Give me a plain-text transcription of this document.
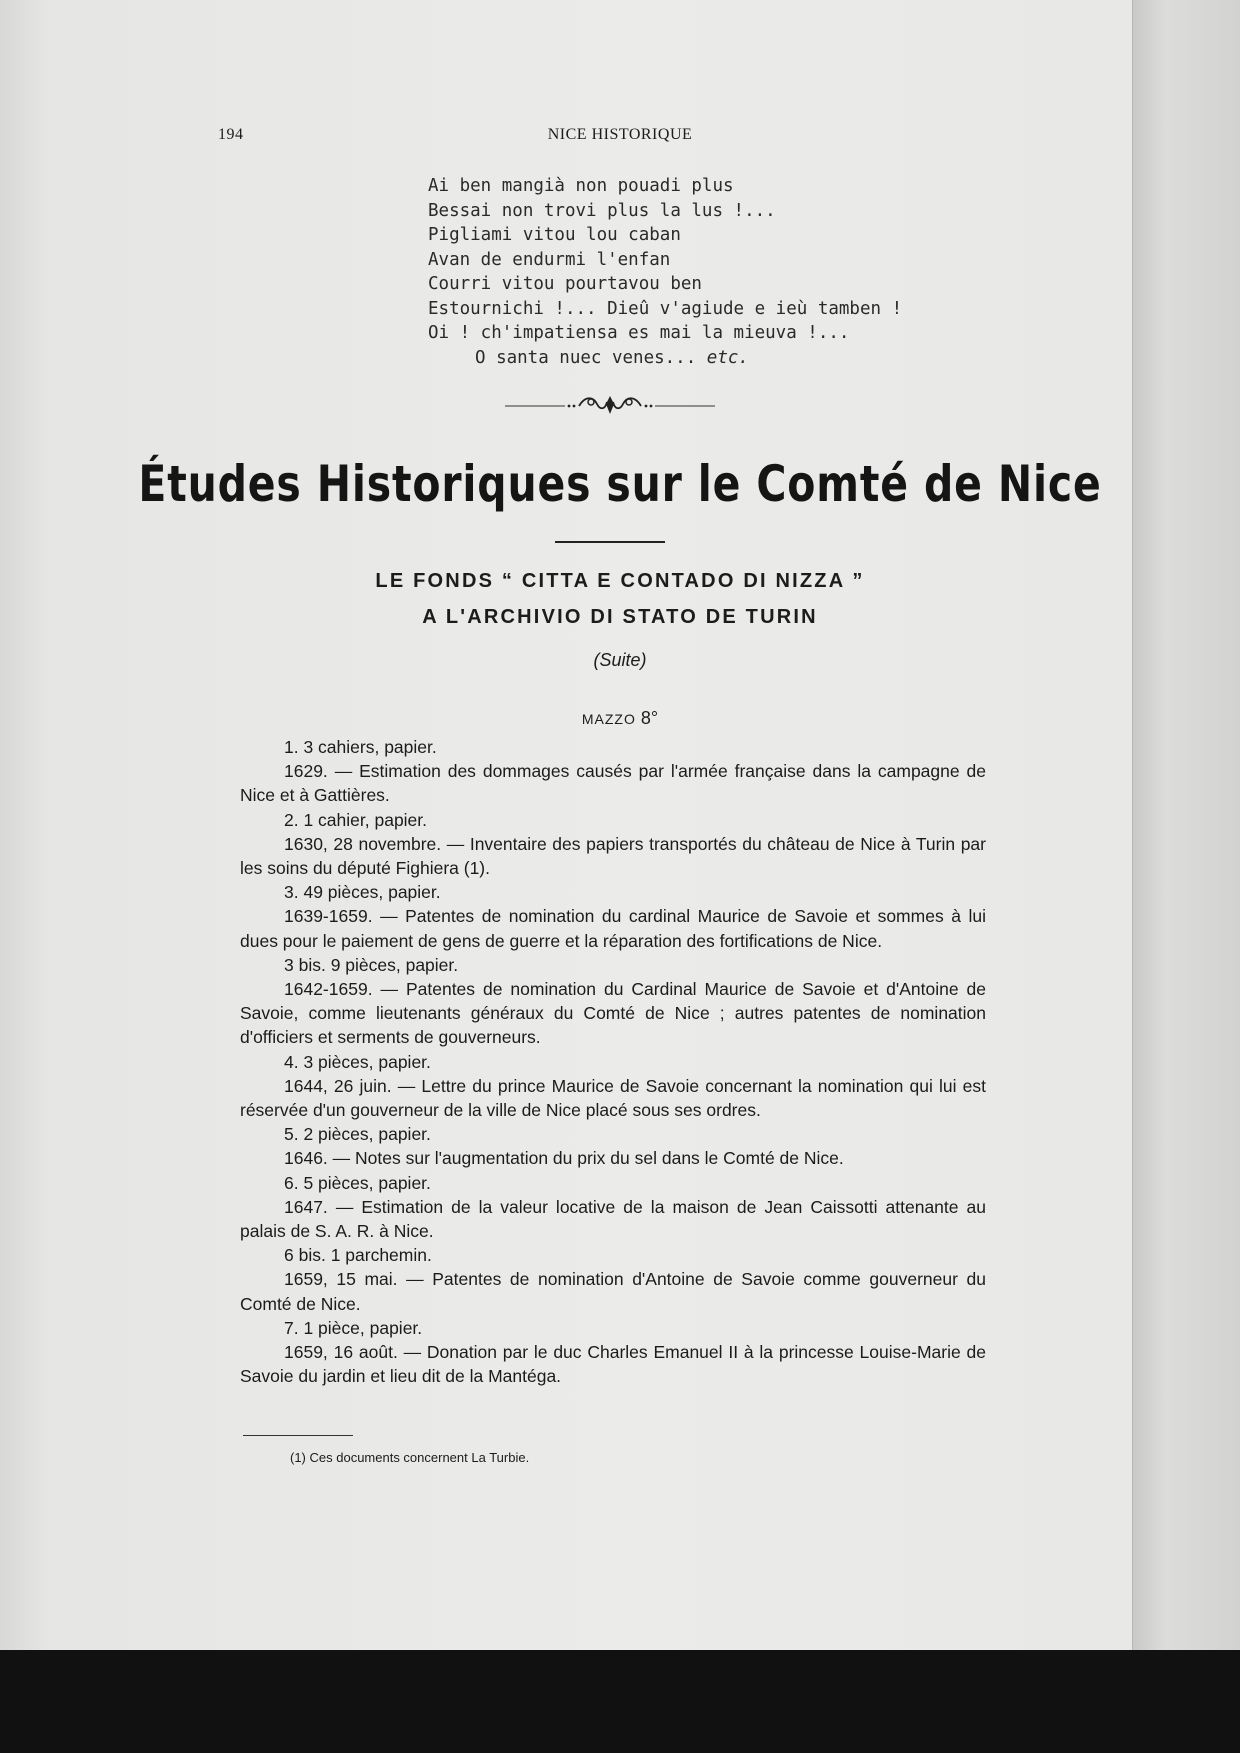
194	NICE HISTORIQUE
Ai ben mangià non pouadi plus
Bessai non trovi plus la lus !...
Pigliami vitou lou caban
Avan de endurmi l'enfan
Courri vitou pourtavou ben
Estournichi !... Dieû v'agiude e ieù tamben !
Oi ! ch'impatiensa es mai la mieuva !...
O santa nuec venes... etc.
Études Historiques sur le Comté de Nice
LE FONDS “ CITTA E CONTADO DI NIZZA ”
A L'ARCHIVIO DI STATO DE TURIN
(Suite)
MAZZO 8°

1. 3 cahiers, papier.

1629. — Estimation des dommages causés par l'armée française dans la campagne de Nice et à Gattières.

2. 1 cahier, papier.

1630, 28 novembre. — Inventaire des papiers transportés du château de Nice à Turin par les soins du député Fighiera (1).

3. 49 pièces, papier.

1639-1659. — Patentes de nomination du cardinal Maurice de Savoie et sommes à lui dues pour le paiement de gens de guerre et la réparation des fortifications de Nice.

3 bis. 9 pièces, papier.

1642-1659. — Patentes de nomination du Cardinal Maurice de Savoie et d'Antoine de Savoie, comme lieutenants généraux du Comté de Nice ; autres patentes de nomination d'officiers et serments de gouverneurs.

4. 3 pièces, papier.

1644, 26 juin. — Lettre du prince Maurice de Savoie concernant la nomination qui lui est réservée d'un gouverneur de la ville de Nice placé sous ses ordres.

5. 2 pièces, papier.

1646. — Notes sur l'augmentation du prix du sel dans le Comté de Nice.

6. 5 pièces, papier.

1647. — Estimation de la valeur locative de la maison de Jean Caissotti attenante au palais de S. A. R. à Nice.

6 bis. 1 parchemin.

1659, 15 mai. — Patentes de nomination d'Antoine de Savoie comme gouverneur du Comté de Nice.

7. 1 pièce, papier.

1659, 16 août. — Donation par le duc Charles Emanuel II à la princesse Louise-Marie de Savoie du jardin et lieu dit de la Mantéga.

(1) Ces documents concernent La Turbie.
